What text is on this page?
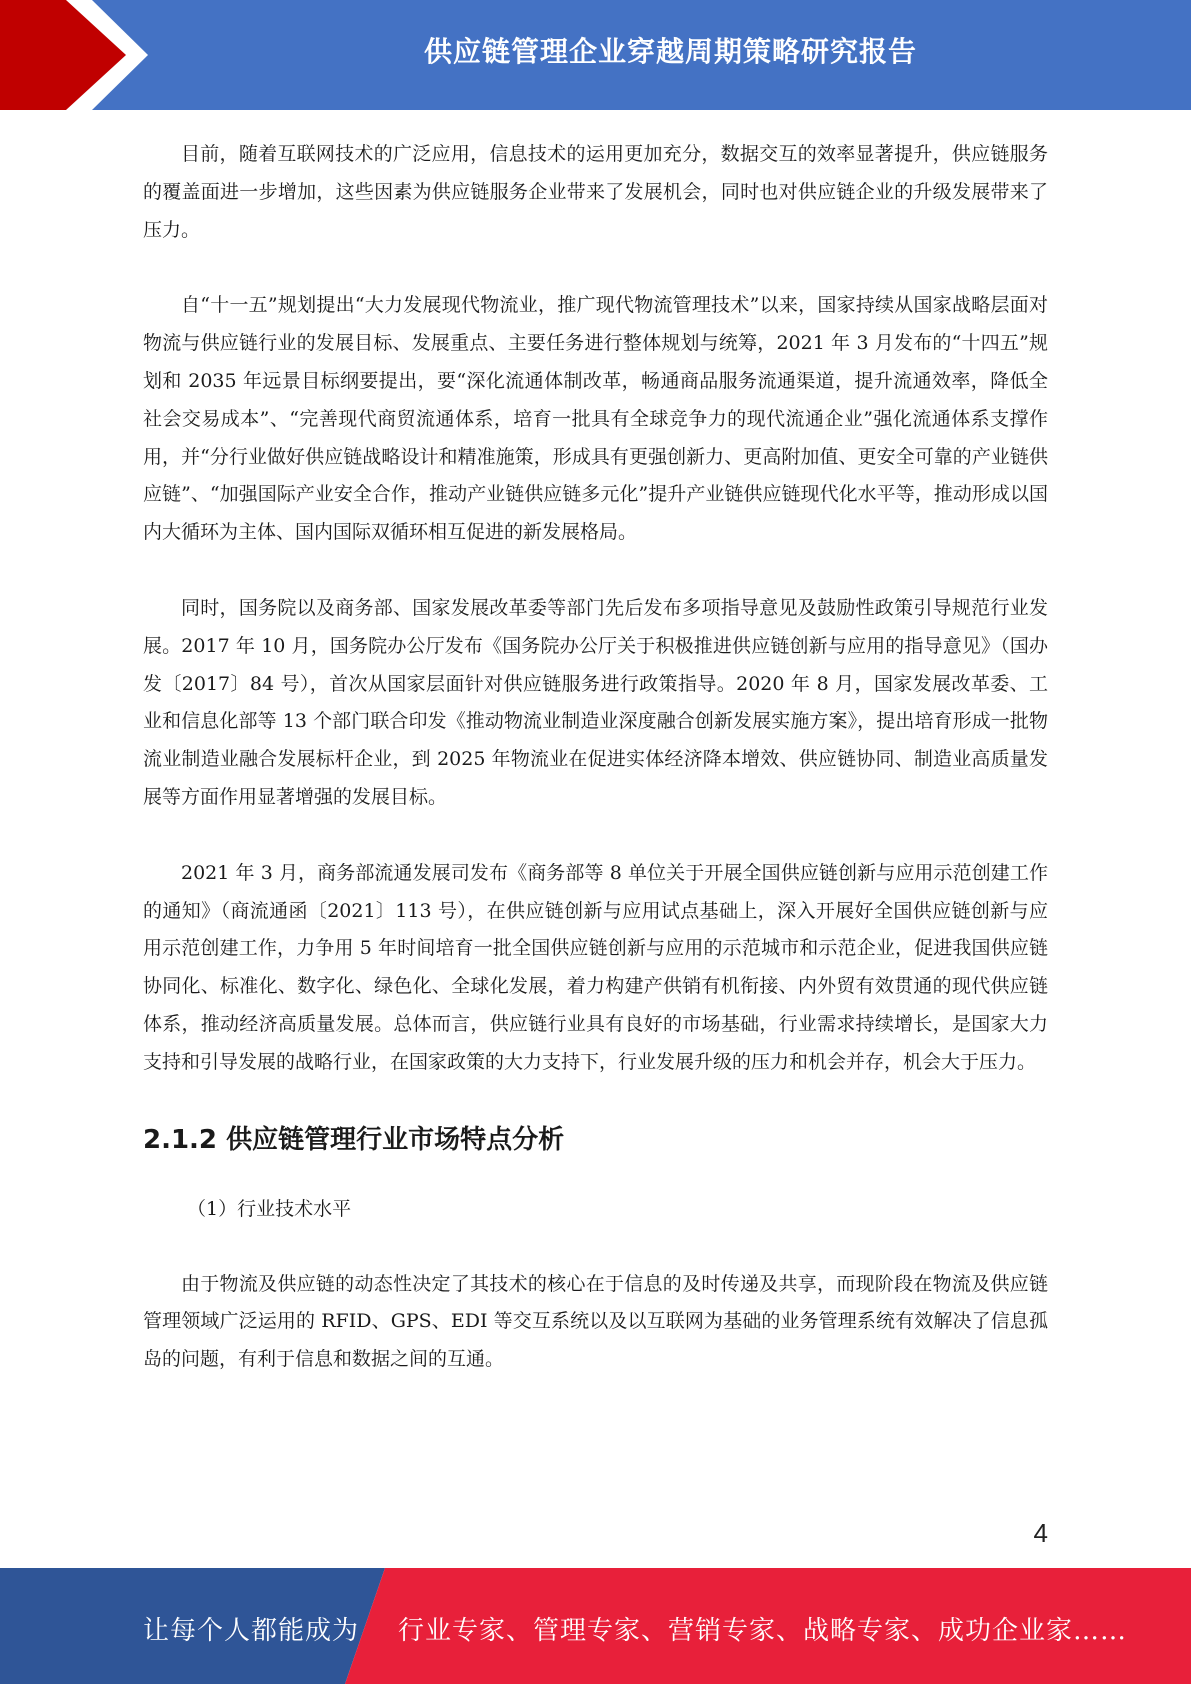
供应链管理企业穿越周期策略研究报告

目前，随着互联网技术的广泛应用，信息技术的运用更加充分，数据交互的效率显著提升，供应链服务的覆盖面进一步增加，这些因素为供应链服务企业带来了发展机会，同时也对供应链企业的升级发展带来了压力。

自“十一五”规划提出“大力发展现代物流业，推广现代物流管理技术”以来，国家持续从国家战略层面对物流与供应链行业的发展目标、发展重点、主要任务进行整体规划与统筹，2021 年 3 月发布的“十四五”规划和 2035 年远景目标纲要提出，要“深化流通体制改革，畅通商品服务流通渠道，提升流通效率，降低全社会交易成本”、“完善现代商贸流通体系，培育一批具有全球竞争力的现代流通企业”强化流通体系支撑作用，并“分行业做好供应链战略设计和精准施策，形成具有更强创新力、更高附加值、更安全可靠的产业链供应链”、“加强国际产业安全合作，推动产业链供应链多元化”提升产业链供应链现代化水平等，推动形成以国内大循环为主体、国内国际双循环相互促进的新发展格局。

同时，国务院以及商务部、国家发展改革委等部门先后发布多项指导意见及鼓励性政策引导规范行业发展。2017 年 10 月，国务院办公厅发布《国务院办公厅关于积极推进供应链创新与应用的指导意见》（国办发〔2017〕84 号），首次从国家层面针对供应链服务进行政策指导。2020 年 8 月，国家发展改革委、工业和信息化部等 13 个部门联合印发《推动物流业制造业深度融合创新发展实施方案》，提出培育形成一批物流业制造业融合发展标杆企业，到 2025 年物流业在促进实体经济降本增效、供应链协同、制造业高质量发展等方面作用显著增强的发展目标。

2021 年 3 月，商务部流通发展司发布《商务部等 8 单位关于开展全国供应链创新与应用示范创建工作的通知》（商流通函〔2021〕113 号），在供应链创新与应用试点基础上，深入开展好全国供应链创新与应用示范创建工作，力争用 5 年时间培育一批全国供应链创新与应用的示范城市和示范企业，促进我国供应链协同化、标准化、数字化、绿色化、全球化发展，着力构建产供销有机衔接、内外贸有效贯通的现代供应链体系，推动经济高质量发展。总体而言，供应链行业具有良好的市场基础，行业需求持续增长，是国家大力支持和引导发展的战略行业，在国家政策的大力支持下，行业发展升级的压力和机会并存，机会大于压力。

2.1.2 供应链管理行业市场特点分析
（1）行业技术水平

由于物流及供应链的动态性决定了其技术的核心在于信息的及时传递及共享，而现阶段在物流及供应链管理领域广泛运用的 RFID、GPS、EDI 等交互系统以及以互联网为基础的业务管理系统有效解决了信息孤岛的问题，有利于信息和数据之间的互通。

4
让每个人都能成为 行业专家、管理专家、营销专家、战略专家、成功企业家……
